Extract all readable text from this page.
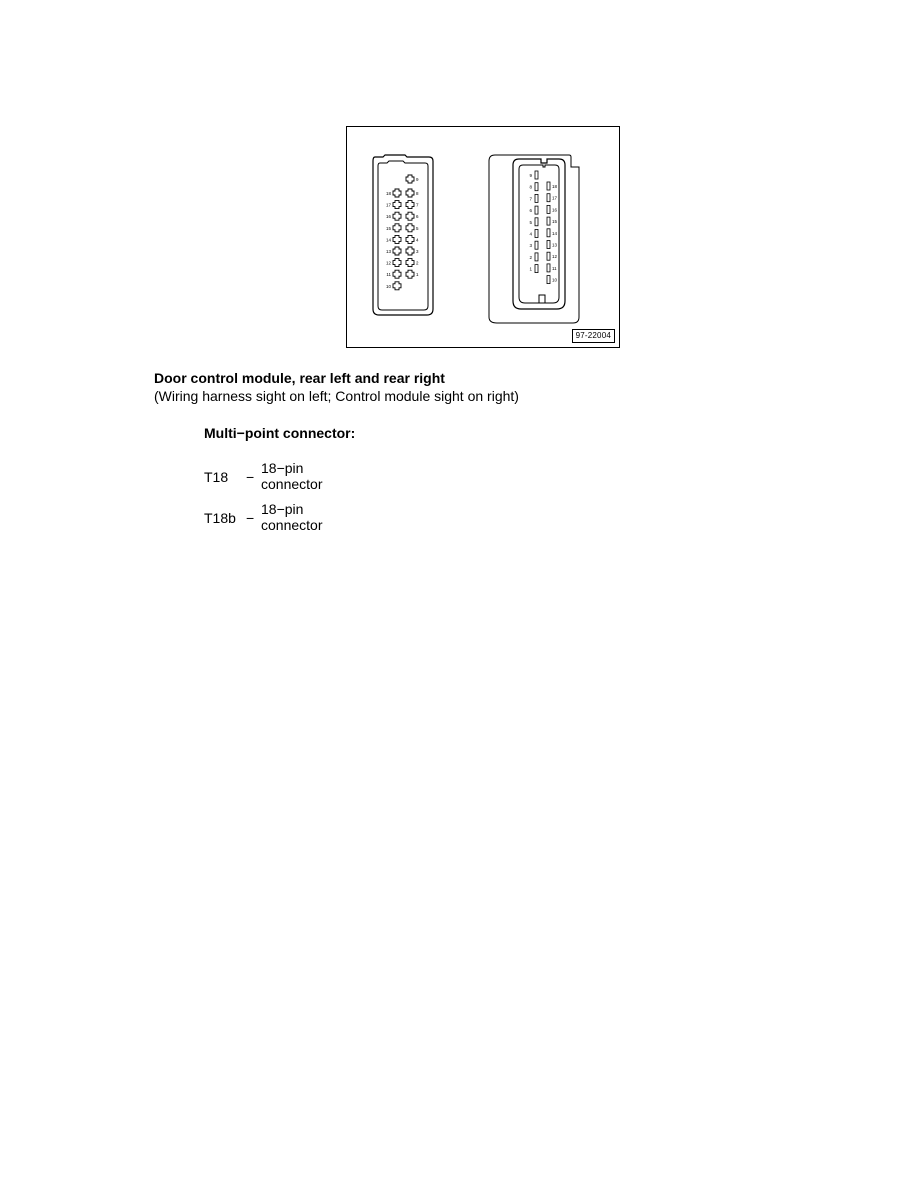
9
18	8
17	7
16	6
15	5
14	4
13	3
12	2
11	1
10
9
8
7
6
5
4
3
2
1
18
17
16
15
14
13
12
11
10
97-22004
Door control module, rear left and rear right
(Wiring harness sight on left; Control module sight on right)
Multi−point connector:
T18 −
18−pin connector
T18b −
18−pin connector
